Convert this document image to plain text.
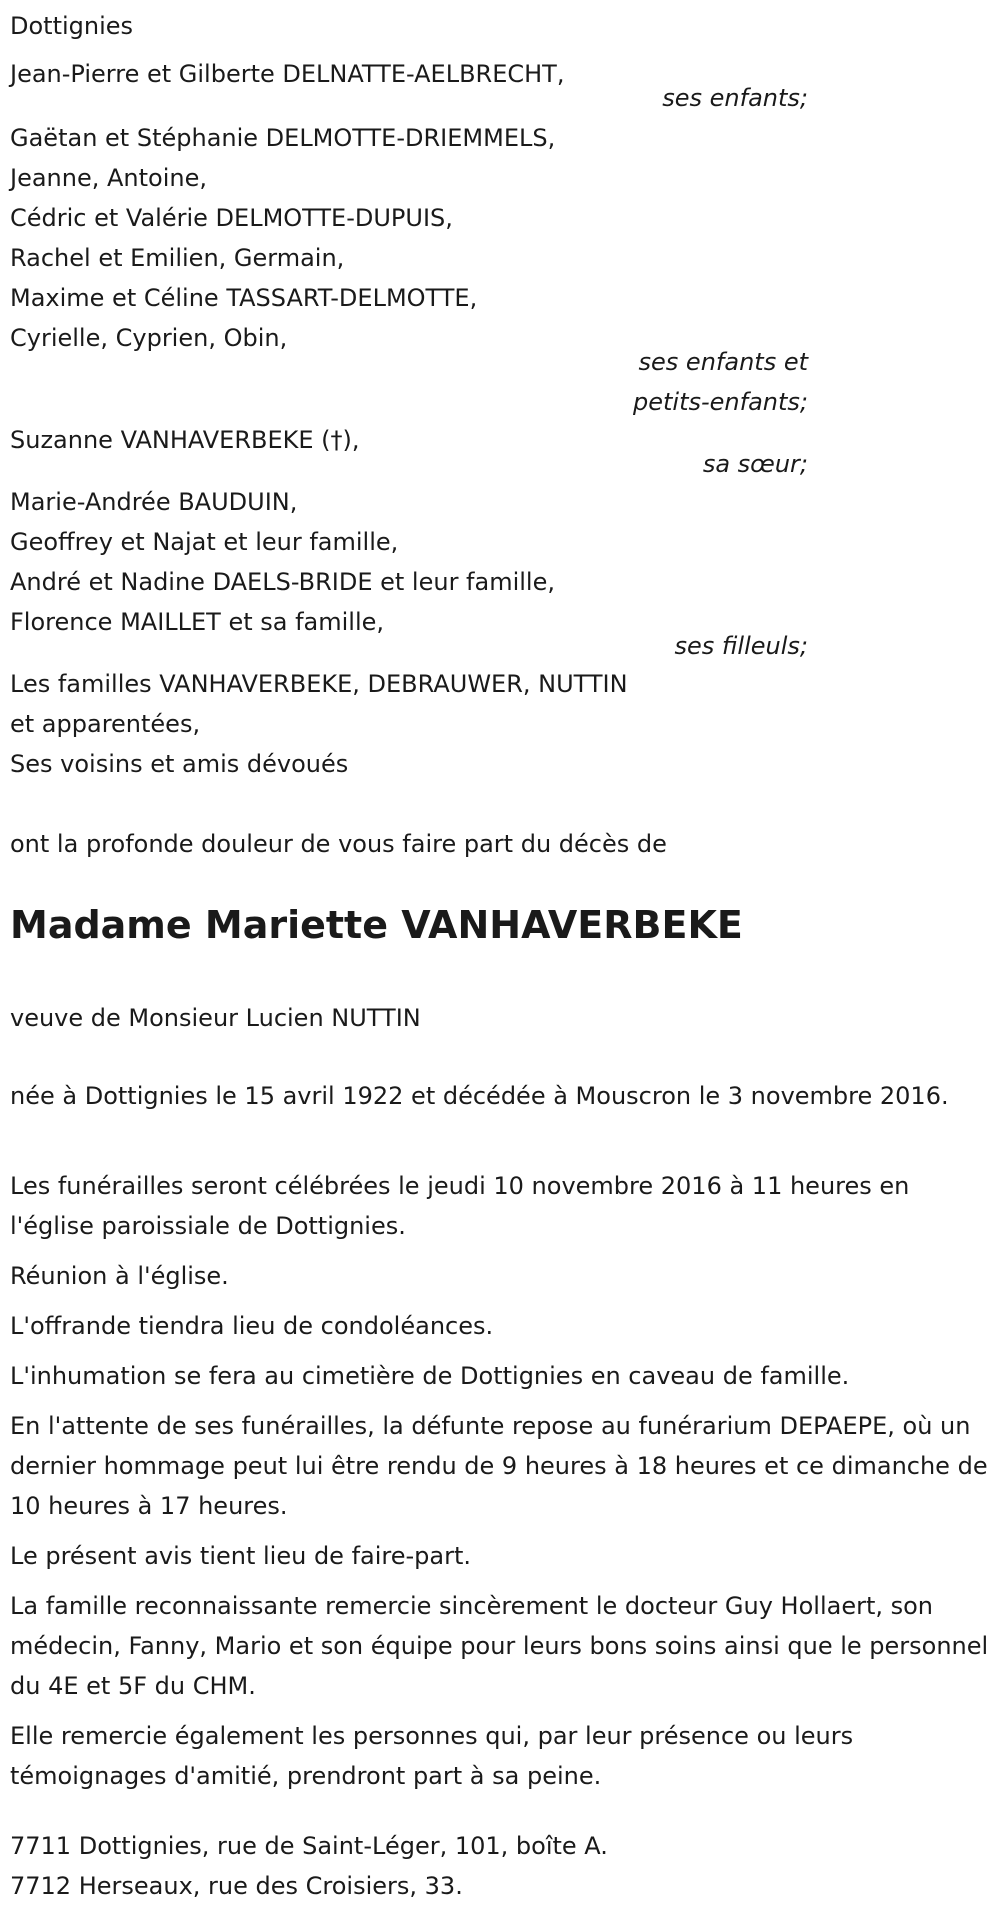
Dottignies

Jean-Pierre et Gilberte DELNATTE-AELBRECHT,

ses enfants;

Gaëtan et Stéphanie DELMOTTE-DRIEMMELS,

Jeanne, Antoine,

Cédric et Valérie DELMOTTE-DUPUIS,

Rachel et Emilien, Germain,

Maxime et Céline TASSART-DELMOTTE,

Cyrielle, Cyprien, Obin,

ses enfants et

petits-enfants;

Suzanne VANHAVERBEKE (†),

sa sœur;

Marie-Andrée BAUDUIN,

Geoffrey et Najat et leur famille,

André et Nadine DAELS-BRIDE et leur famille,

Florence MAILLET et sa famille,

ses filleuls;

Les familles VANHAVERBEKE, DEBRAUWER, NUTTIN

et apparentées,

Ses voisins et amis dévoués

ont la profonde douleur de vous faire part du décès de

Madame Mariette VANHAVERBEKE

veuve de Monsieur Lucien NUTTIN

née à Dottignies le 15 avril 1922 et décédée à Mouscron le 3 novembre 2016.

Les funérailles seront célébrées le jeudi 10 novembre 2016 à 11 heures en l'église paroissiale de Dottignies.

Réunion à l'église.

L'offrande tiendra lieu de condoléances.

L'inhumation se fera au cimetière de Dottignies en caveau de famille.

En l'attente de ses funérailles, la défunte repose au funérarium DEPAEPE, où un dernier hommage peut lui être rendu de 9 heures à 18 heures et ce dimanche de 10 heures à 17 heures.

Le présent avis tient lieu de faire-part.

La famille reconnaissante remercie sincèrement le docteur Guy Hollaert, son médecin, Fanny, Mario et son équipe pour leurs bons soins ainsi que le personnel du 4E et 5F du CHM.

Elle remercie également les personnes qui, par leur présence ou leurs témoignages d'amitié, prendront part à sa peine.

7711 Dottignies, rue de Saint-Léger, 101, boîte A.

7712 Herseaux, rue des Croisiers, 33.
